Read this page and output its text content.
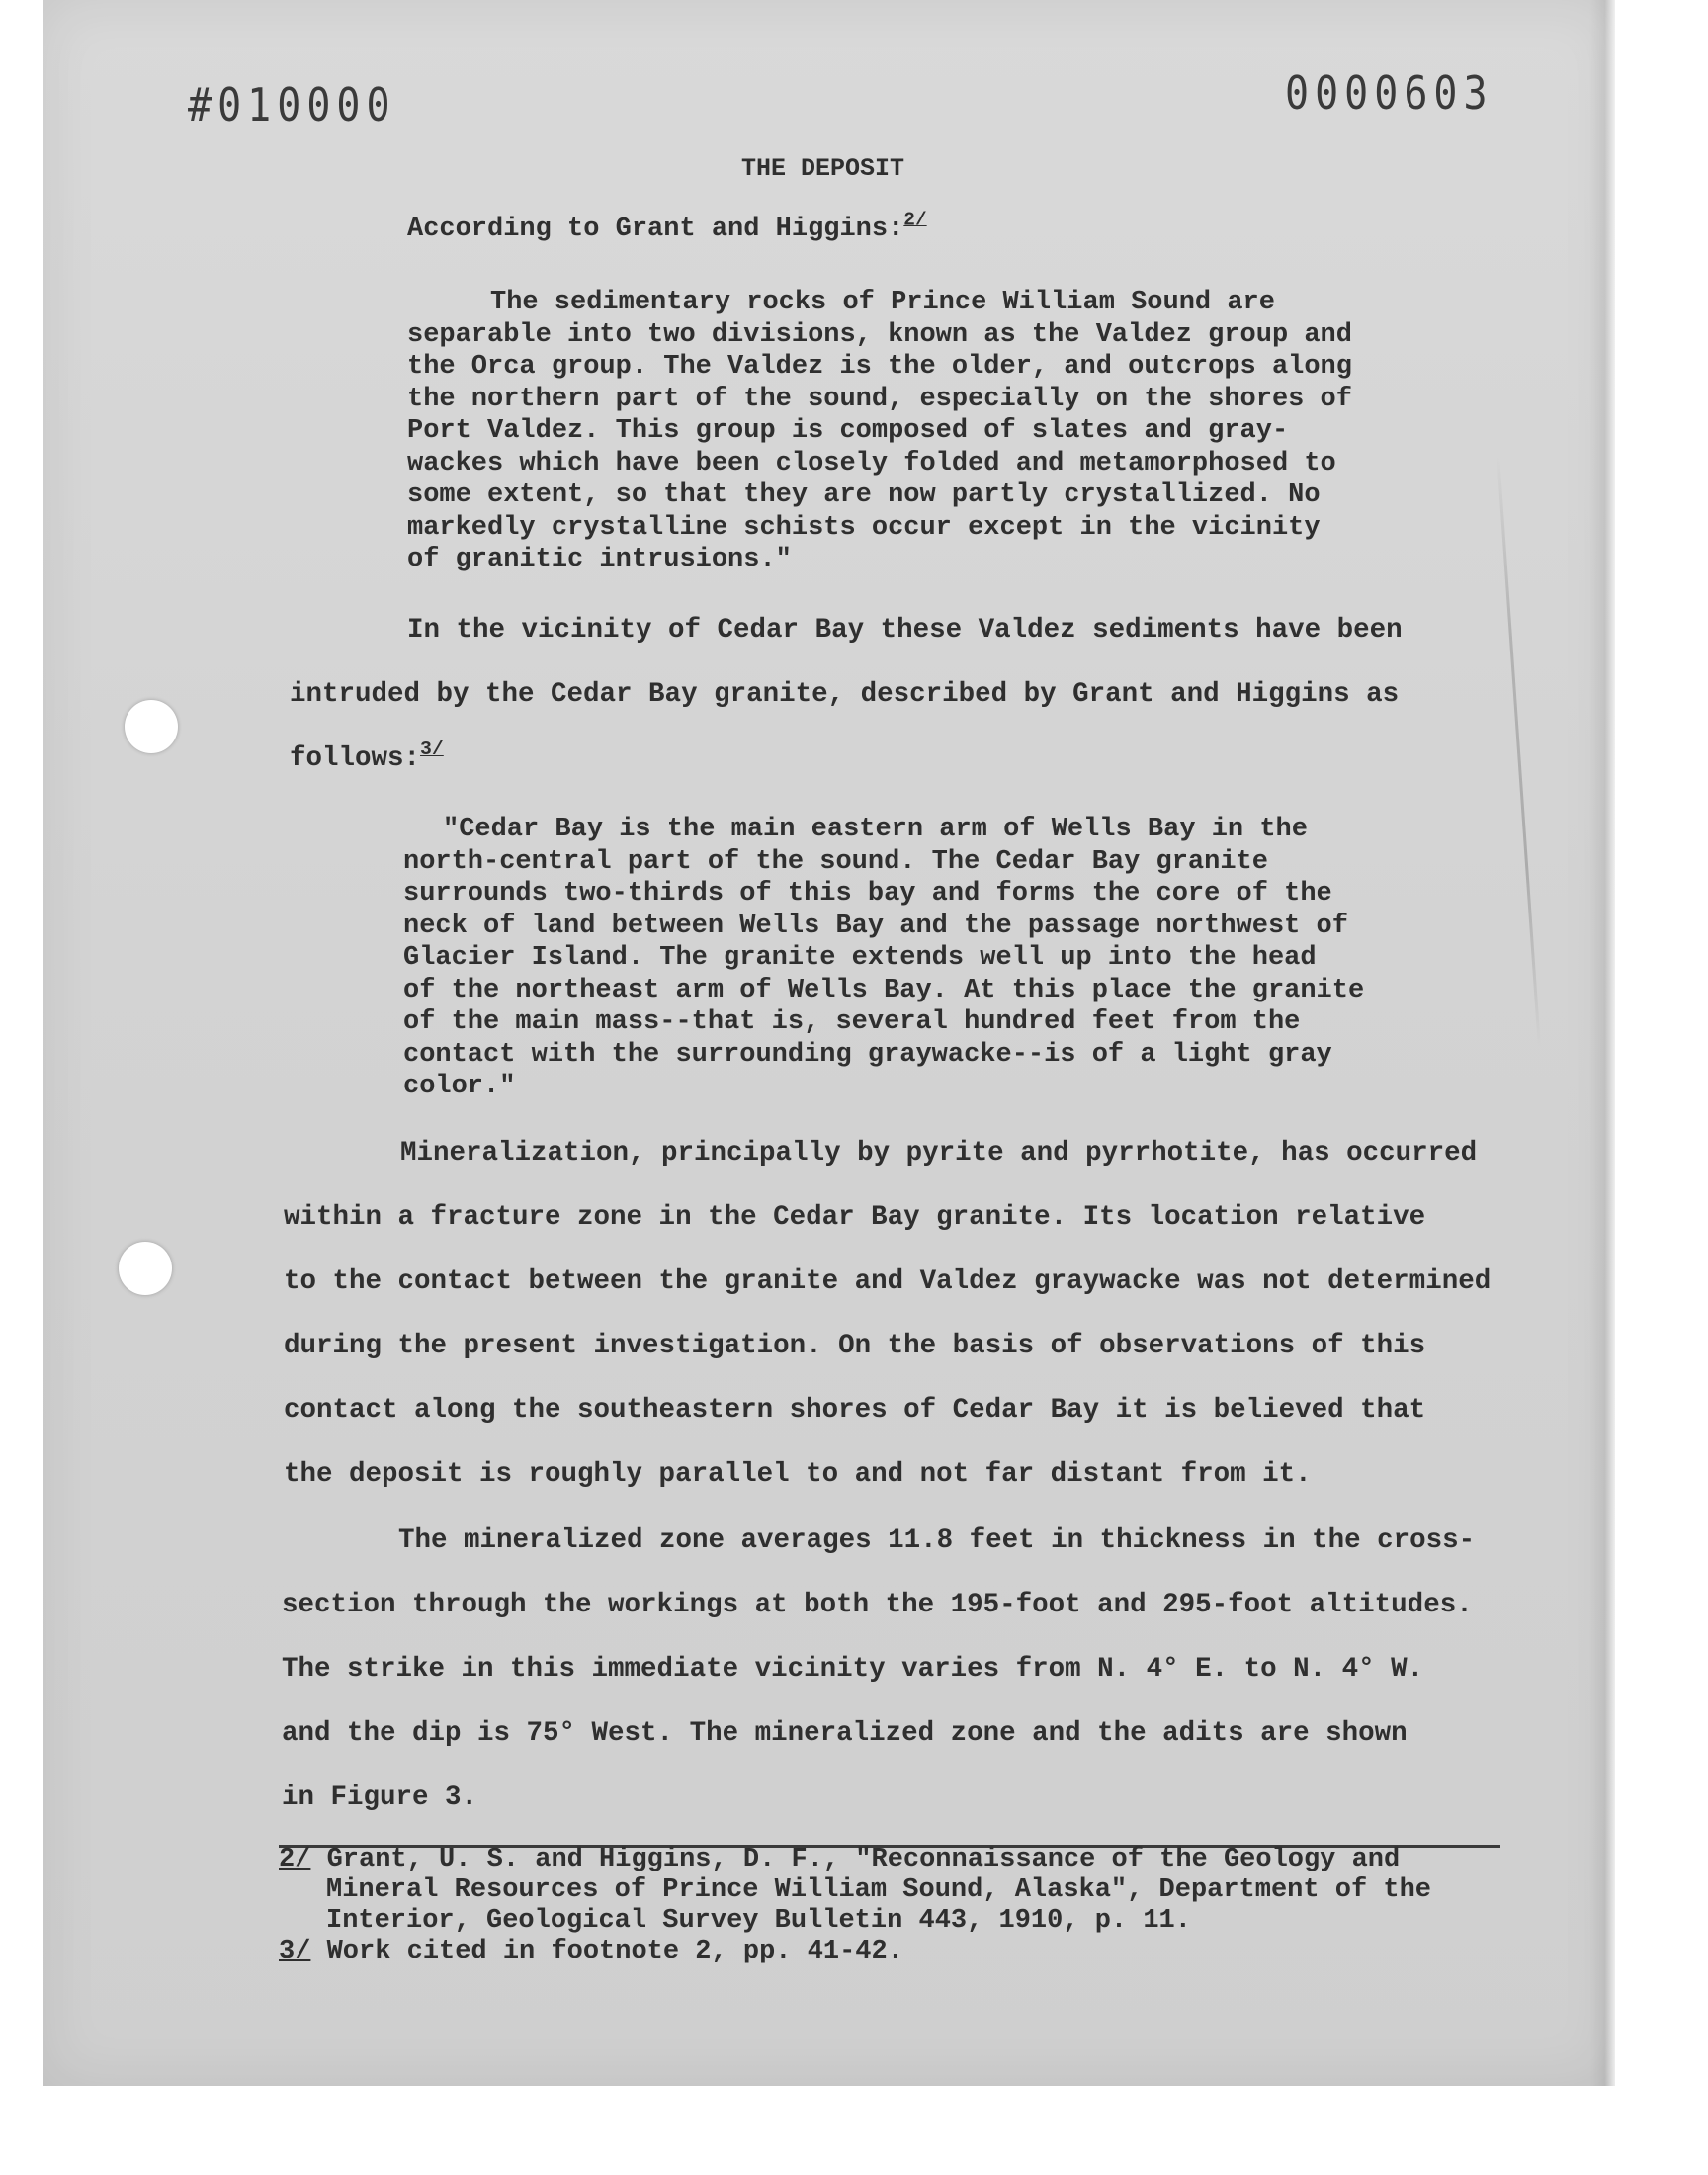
#010000	0000603
THE DEPOSIT
According to Grant and Higgins:$^{2/}$
The sedimentary rocks of Prince William Sound are
separable into two divisions, known as the Valdez group and
the Orca group. The Valdez is the older, and outcrops along
the northern part of the sound, especially on the shores of
Port Valdez. This group is composed of slates and gray-
wackes which have been closely folded and metamorphosed to
some extent, so that they are now partly crystallized. No
markedly crystalline schists occur except in the vicinity
of granitic intrusions."
In the vicinity of Cedar Bay these Valdez sediments have been
intruded by the Cedar Bay granite, described by Grant and Higgins as
follows:$^{3/}$
"Cedar Bay is the main eastern arm of Wells Bay in the
north-central part of the sound. The Cedar Bay granite
surrounds two-thirds of this bay and forms the core of the
neck of land between Wells Bay and the passage northwest of
Glacier Island. The granite extends well up into the head
of the northeast arm of Wells Bay. At this place the granite
of the main mass--that is, several hundred feet from the
contact with the surrounding graywacke--is of a light gray
color."
Mineralization, principally by pyrite and pyrrhotite, has occurred
within a fracture zone in the Cedar Bay granite. Its location relative
to the contact between the granite and Valdez graywacke was not determined
during the present investigation. On the basis of observations of this
contact along the southeastern shores of Cedar Bay it is believed that
the deposit is roughly parallel to and not far distant from it.
The mineralized zone averages 11.8 feet in thickness in the cross-
section through the workings at both the 195-foot and 295-foot altitudes.
The strike in this immediate vicinity varies from N. 4° E. to N. 4° W.
and the dip is 75° West. The mineralized zone and the adits are shown
in Figure 3.
2/ Grant, U. S. and Higgins, D. F., "Reconnaissance of the Geology and
Mineral Resources of Prince William Sound, Alaska", Department of the
Interior, Geological Survey Bulletin 443, 1910, p. 11.
3/ Work cited in footnote 2, pp. 41-42.
